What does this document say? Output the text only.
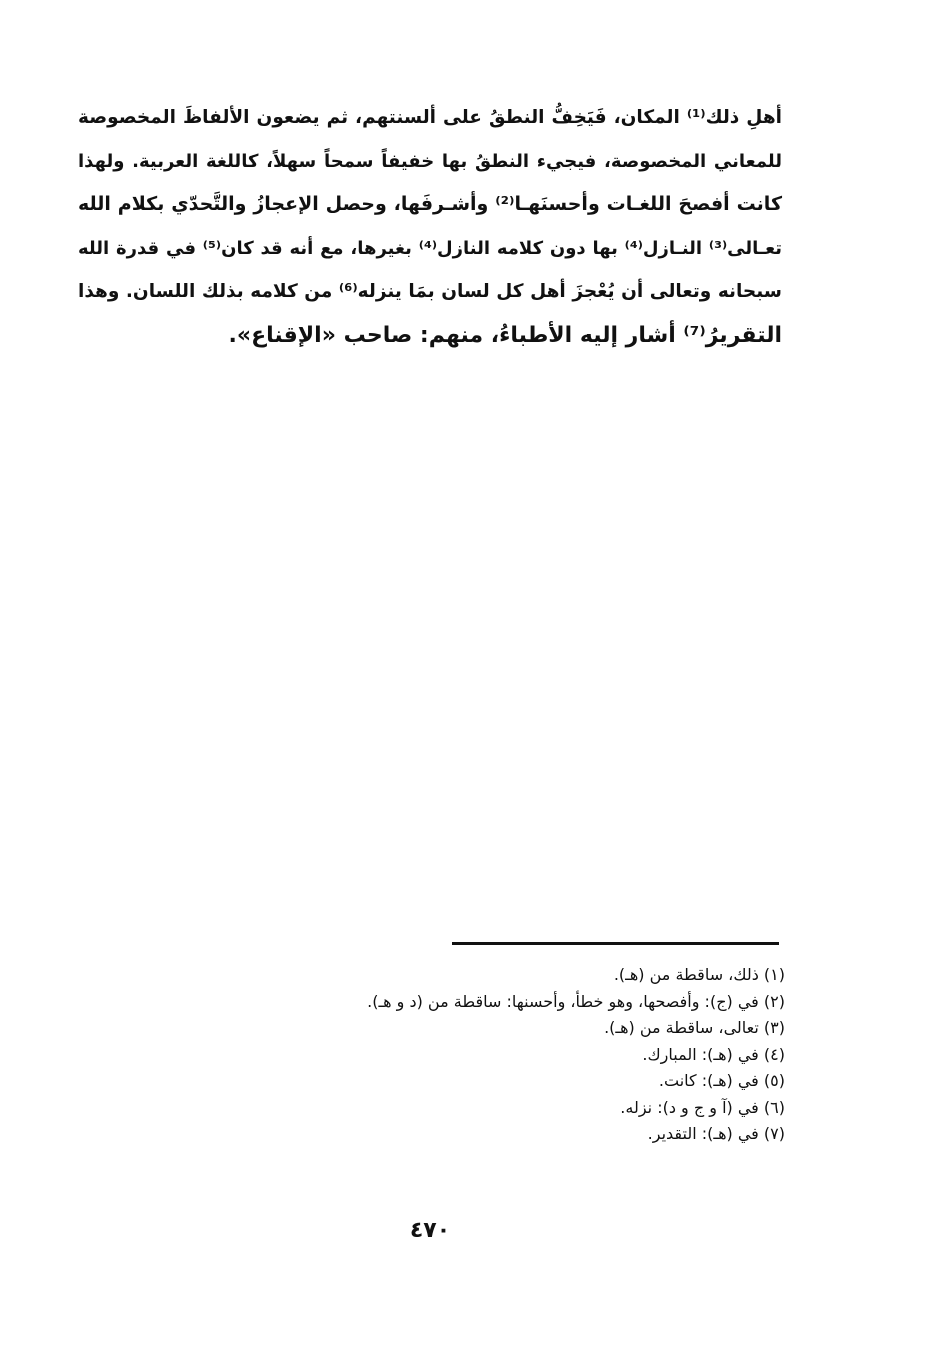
أهلِ ذلك⁽¹⁾ المكان، فَيَخِفُّ النطقُ على ألسنتهم، ثم يضعون الألفاظَ المخصوصة
للمعاني المخصوصة، فيجيء النطقُ بها خفيفاً سمحاً سهلاً، كاللغة العربية. ولهذا
كانت أفصحَ اللغـات وأحسنَهـا⁽²⁾ وأشـرفَها، وحصل الإعجازُ والتَّحدّي بكلام الله
تعـالى⁽³⁾ النـازل⁽⁴⁾ بها دون كلامه النازل⁽⁴⁾ بغيرها، مع أنه قد كان⁽⁵⁾ في قدرة الله
سبحانه وتعالى أن يُعْجزَ أهل كل لسان بمَا ينزله⁽⁶⁾ من كلامه بذلك اللسان. وهذا
التقريرُ⁽⁷⁾ أشار إليه الأطباءُ، منهم: صاحب «الإقناع».
(١) ذلك، ساقطة من (هـ).
(٢) في (ج): وأفصحها، وهو خطأ، وأحسنها: ساقطة من (د و هـ).
(٣) تعالى، ساقطة من (هـ).
(٤) في (هـ): المبارك.
(٥) في (هـ): كانت.
(٦) في (آ و ج و د): نزله.
(٧) في (هـ): التقدير.
٤٧٠
